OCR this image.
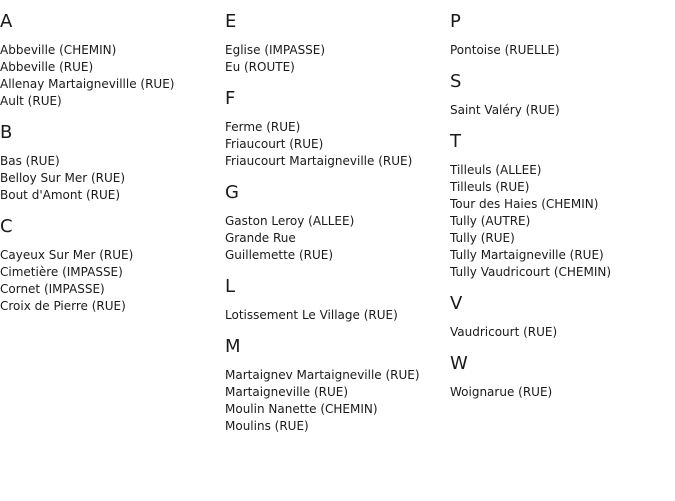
A
Abbeville (CHEMIN)
Abbeville (RUE)
Allenay Martaignevillle (RUE)
Ault (RUE)
B
Bas (RUE)
Belloy Sur Mer (RUE)
Bout d'Amont (RUE)
C
Cayeux Sur Mer (RUE)
Cimetière (IMPASSE)
Cornet (IMPASSE)
Croix de Pierre (RUE)
E
Eglise (IMPASSE)
Eu (ROUTE)
F
Ferme (RUE)
Friaucourt (RUE)
Friaucourt Martaigneville (RUE)
G
Gaston Leroy (ALLEE)
Grande Rue
Guillemette (RUE)
L
Lotissement Le Village (RUE)
M
Martaignev Martaigneville (RUE)
Martaigneville (RUE)
Moulin Nanette (CHEMIN)
Moulins (RUE)
P
Pontoise (RUELLE)
S
Saint Valéry (RUE)
T
Tilleuls (ALLEE)
Tilleuls (RUE)
Tour des Haies (CHEMIN)
Tully (AUTRE)
Tully (RUE)
Tully Martaigneville (RUE)
Tully Vaudricourt (CHEMIN)
V
Vaudricourt (RUE)
W
Woignarue (RUE)
